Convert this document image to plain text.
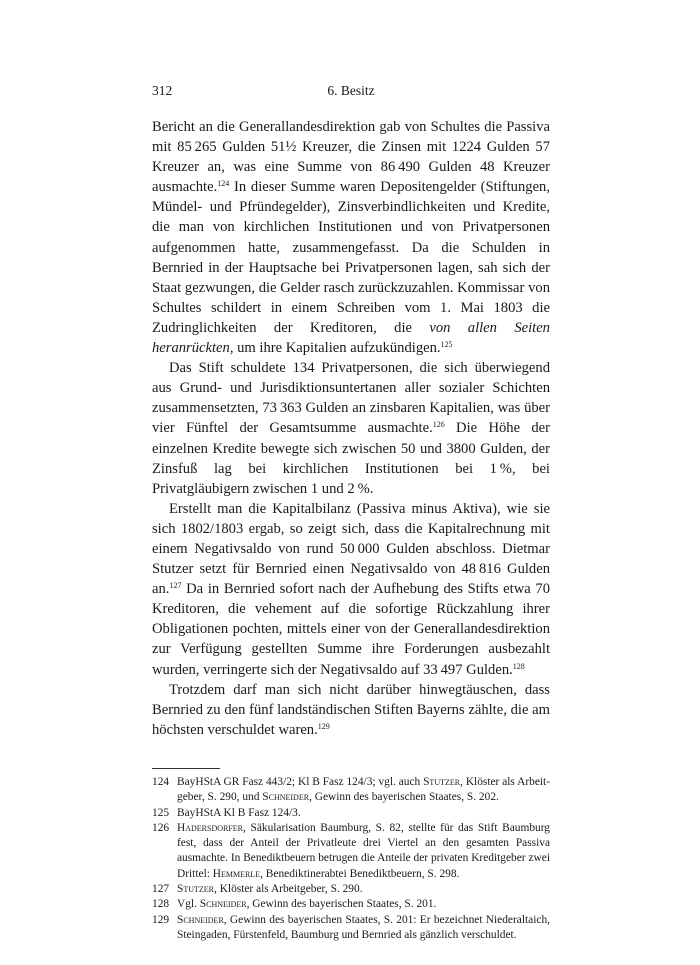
312	6. Besitz

Bericht an die Generallandesdirektion gab von Schultes die Passiva mit 85 265 Gulden 51½ Kreuzer, die Zinsen mit 1224 Gulden 57 Kreuzer an, was eine Summe von 86 490 Gulden 48 Kreuzer ausmachte.$^{124}$ In dieser Summe waren Depositengelder (Stiftungen, Mündel- und Pfründegelder), Zinsverbindlichkeiten und Kredite, die man von kirchlichen Institutionen und von Privatpersonen aufgenommen hatte, zusammengefasst. Da die Schulden in Bernried in der Hauptsache bei Privatpersonen lagen, sah sich der Staat gezwungen, die Gelder rasch zurückzuzahlen. Kommissar von Schultes schildert in einem Schreiben vom 1. Mai 1803 die Zudringlichkeiten der Kreditoren, die von allen Seiten heranrückten, um ihre Kapitalien aufzukündigen.$^{125}$

Das Stift schuldete 134 Privatpersonen, die sich überwiegend aus Grund- und Jurisdiktionsuntertanen aller sozialer Schichten zusammensetzten, 73 363 Gulden an zinsbaren Kapitalien, was über vier Fünftel der Gesamtsumme ausmachte.$^{126}$ Die Höhe der einzelnen Kredite bewegte sich zwischen 50 und 3800 Gulden, der Zinsfuß lag bei kirchlichen Institutionen bei 1 %, bei Privatgläubigern zwischen 1 und 2 %.

Erstellt man die Kapitalbilanz (Passiva minus Aktiva), wie sie sich 1802/1803 ergab, so zeigt sich, dass die Kapitalrechnung mit einem Negativsaldo von rund 50 000 Gulden abschloss. Dietmar Stutzer setzt für Bernried einen Negativsaldo von 48 816 Gulden an.$^{127}$ Da in Bernried sofort nach der Aufhebung des Stifts etwa 70 Kreditoren, die vehement auf die sofortige Rückzahlung ihrer Obligationen pochten, mittels einer von der Generallandesdirektion zur Verfügung gestellten Summe ihre Forderungen ausbezahlt wurden, verringerte sich der Negativsaldo auf 33 497 Gulden.$^{128}$

Trotzdem darf man sich nicht darüber hinwegtäuschen, dass Bernried zu den fünf landständischen Stiften Bayerns zählte, die am höchsten verschuldet waren.$^{129}$

124 BayHStA GR Fasz 443/2; Kl B Fasz 124/3; vgl. auch Stutzer, Klöster als Arbeitgeber, S. 290, und Schneider, Gewinn des bayerischen Staates, S. 202.
125 BayHStA Kl B Fasz 124/3.
126 Hadersdorfer, Säkularisation Baumburg, S. 82, stellte für das Stift Baumburg fest, dass der Anteil der Privatleute drei Viertel an den gesamten Passiva ausmachte. In Benediktbeuern betrugen die Anteile der privaten Kreditgeber zwei Drittel: Hemmerle, Benediktinerabtei Benediktbeuern, S. 298.
127 Stutzer, Klöster als Arbeitgeber, S. 290.
128 Vgl. Schneider, Gewinn des bayerischen Staates, S. 201.
129 Schneider, Gewinn des bayerischen Staates, S. 201: Er bezeichnet Niederaltaich, Steingaden, Fürstenfeld, Baumburg und Bernried als gänzlich verschuldet.
